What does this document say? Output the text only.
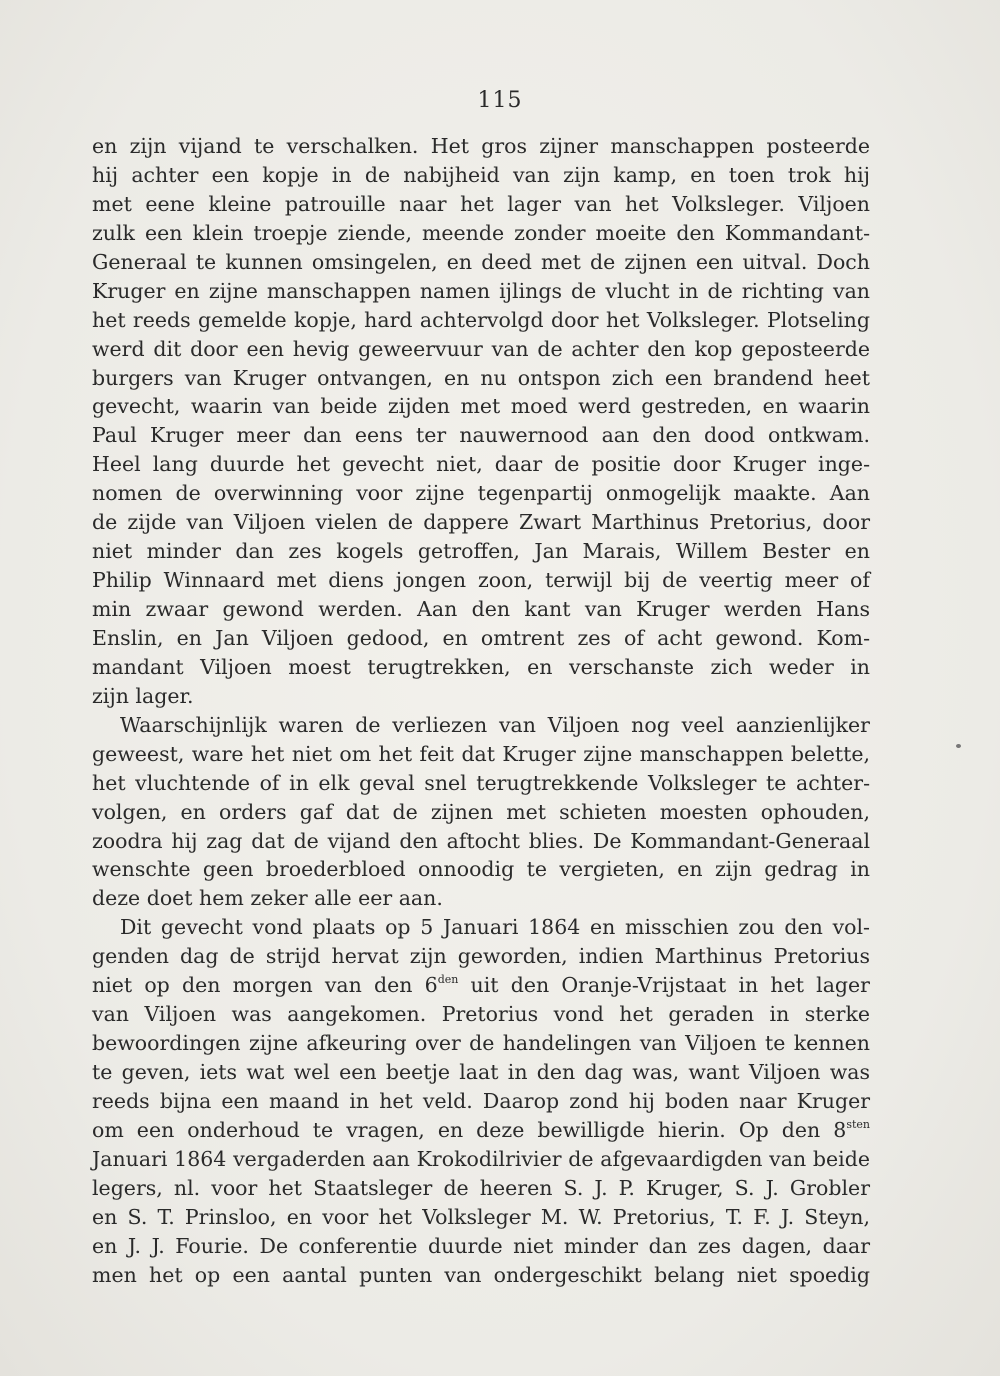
115
en zijn vijand te verschalken. Het gros zijner manschappen posteerde
hij achter een kopje in de nabijheid van zijn kamp, en toen trok hij
met eene kleine patrouille naar het lager van het Volksleger. Viljoen
zulk een klein troepje ziende, meende zonder moeite den Kommandant-
Generaal te kunnen omsingelen, en deed met de zijnen een uitval. Doch
Kruger en zijne manschappen namen ijlings de vlucht in de richting van
het reeds gemelde kopje, hard achtervolgd door het Volksleger. Plotseling
werd dit door een hevig geweervuur van de achter den kop geposteerde
burgers van Kruger ontvangen, en nu ontspon zich een brandend heet
gevecht, waarin van beide zijden met moed werd gestreden, en waarin
Paul Kruger meer dan eens ter nauwernood aan den dood ontkwam.
Heel lang duurde het gevecht niet, daar de positie door Kruger inge-
nomen de overwinning voor zijne tegenpartij onmogelijk maakte. Aan
de zijde van Viljoen vielen de dappere Zwart Marthinus Pretorius, door
niet minder dan zes kogels getroffen, Jan Marais, Willem Bester en
Philip Winnaard met diens jongen zoon, terwijl bij de veertig meer of
min zwaar gewond werden. Aan den kant van Kruger werden Hans
Enslin, en Jan Viljoen gedood, en omtrent zes of acht gewond. Kom-
mandant Viljoen moest terugtrekken, en verschanste zich weder in
zijn lager.
Waarschijnlijk waren de verliezen van Viljoen nog veel aanzienlijker
geweest, ware het niet om het feit dat Kruger zijne manschappen belette,
het vluchtende of in elk geval snel terugtrekkende Volksleger te achter-
volgen, en orders gaf dat de zijnen met schieten moesten ophouden,
zoodra hij zag dat de vijand den aftocht blies. De Kommandant-Generaal
wenschte geen broederbloed onnoodig te vergieten, en zijn gedrag in
deze doet hem zeker alle eer aan.
Dit gevecht vond plaats op 5 Januari 1864 en misschien zou den vol-
genden dag de strijd hervat zijn geworden, indien Marthinus Pretorius
niet op den morgen van den $6^{den}$ uit den Oranje-Vrijstaat in het lager
van Viljoen was aangekomen. Pretorius vond het geraden in sterke
bewoordingen zijne afkeuring over de handelingen van Viljoen te kennen
te geven, iets wat wel een beetje laat in den dag was, want Viljoen was
reeds bijna een maand in het veld. Daarop zond hij boden naar Kruger
om een onderhoud te vragen, en deze bewilligde hierin. Op den $8^{sten}$
Januari 1864 vergaderden aan Krokodilrivier de afgevaardigden van beide
legers, nl. voor het Staatsleger de heeren S. J. P. Kruger, S. J. Grobler
en S. T. Prinsloo, en voor het Volksleger M. W. Pretorius, T. F. J. Steyn,
en J. J. Fourie. De conferentie duurde niet minder dan zes dagen, daar
men het op een aantal punten van ondergeschikt belang niet spoedig
